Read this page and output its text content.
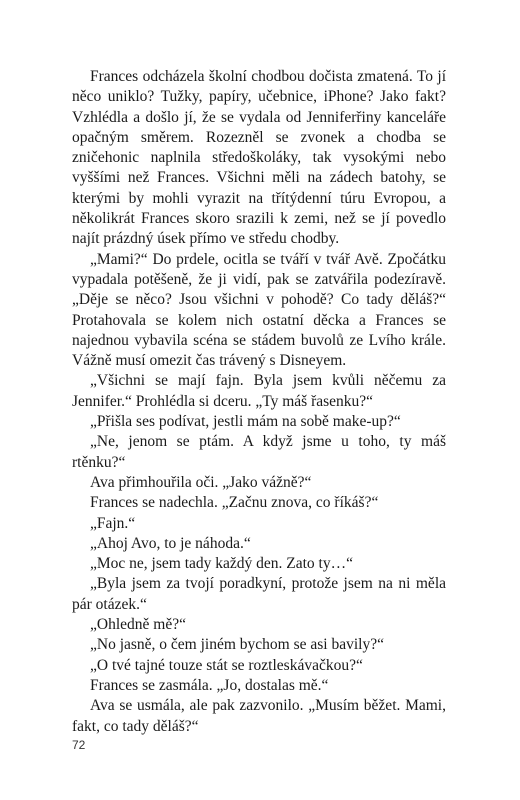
Frances odcházela školní chodbou dočista zmatená. To jí něco uniklo? Tužky, papíry, učebnice, iPhone? Jako fakt? Vzhlédla a došlo jí, že se vydala od Jenniferřiny kanceláře opačným směrem. Rozezněl se zvonek a chodba se zničehonic naplnila středoškoláky, tak vysokými nebo vyššími než Frances. Všichni měli na zádech batohy, se kterými by mohli vyrazit na třítýdenní túru Evropou, a několikrát Frances skoro srazili k zemi, než se jí povedlo najít prázdný úsek přímo ve středu chodby.

„Mami?“ Do prdele, ocitla se tváří v tvář Avě. Zpočátku vypadala potěšeně, že ji vidí, pak se zatvářila podezíravě. „Děje se něco? Jsou všichni v pohodě? Co tady děláš?“ Protahovala se kolem nich ostatní děcka a Frances se najednou vybavila scéna se stádem buvolů ze Lvího krále. Vážně musí omezit čas trávený s Disneyem.

„Všichni se mají fajn. Byla jsem kvůli něčemu za Jennifer.“ Prohlédla si dceru. „Ty máš řasenku?“

„Přišla ses podívat, jestli mám na sobě make-up?“

„Ne, jenom se ptám. A když jsme u toho, ty máš rtěnku?“

Ava přimhouřila oči. „Jako vážně?“

Frances se nadechla. „Začnu znova, co říkáš?“

„Fajn.“

„Ahoj Avo, to je náhoda.“

„Moc ne, jsem tady každý den. Zato ty…“

„Byla jsem za tvojí poradkyní, protože jsem na ni měla pár otázek.“

„Ohledně mě?“

„No jasně, o čem jiném bychom se asi bavily?“

„O tvé tajné touze stát se roztleskávačkou?“

Frances se zasmála. „Jo, dostalas mě.“

Ava se usmála, ale pak zazvonilo. „Musím běžet. Mami, fakt, co tady děláš?“

72
